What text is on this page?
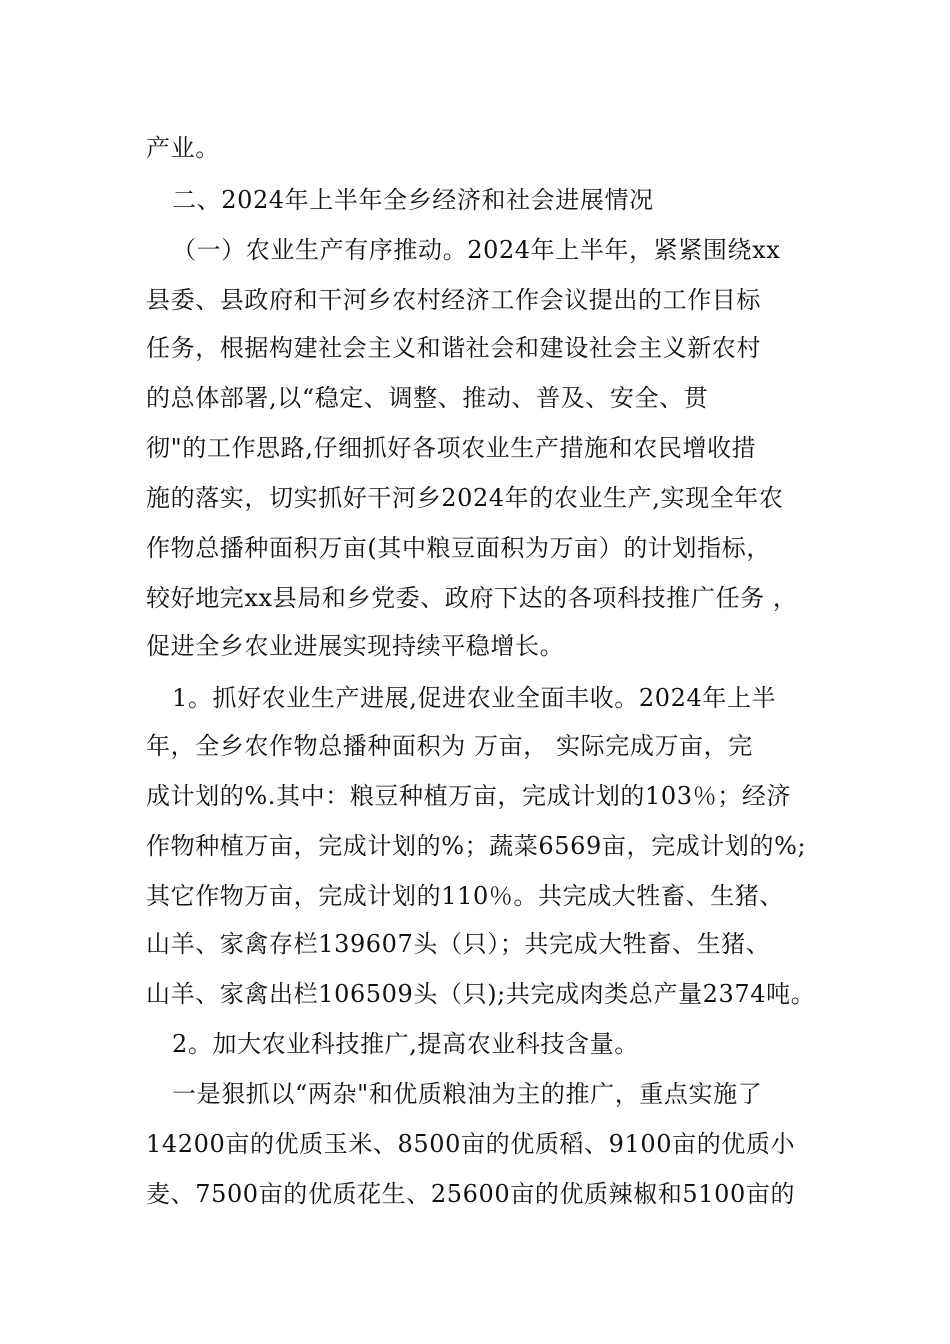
产业。
二、2024年上半年全乡经济和社会进展情况
（一）农业生产有序推动。2024年上半年，紧紧围绕xx
县委、县政府和干河乡农村经济工作会议提出的工作目标
任务，根据构建社会主义和谐社会和建设社会主义新农村
的总体部署,以“稳定、调整、推动、普及、安全、贯
彻"的工作思路,仔细抓好各项农业生产措施和农民增收措
施的落实，切实抓好干河乡2024年的农业生产,实现全年农
作物总播种面积万亩(其中粮豆面积为万亩）的计划指标，
较好地完xx县局和乡党委、政府下达的各项科技推广任务 ，
促进全乡农业进展实现持续平稳增长。
1。抓好农业生产进展,促进农业全面丰收。2024年上半
年，全乡农作物总播种面积为 万亩， 实际完成万亩，完
成计划的%.其中：粮豆种植万亩，完成计划的103％；经济
作物种植万亩，完成计划的%；蔬菜6569亩，完成计划的%;
其它作物万亩，完成计划的110％。共完成大牲畜、生猪、
山羊、家禽存栏139607头（只）；共完成大牲畜、生猪、
山羊、家禽出栏106509头（只);共完成肉类总产量2374吨。
2。加大农业科技推广,提高农业科技含量。
一是狠抓以“两杂"和优质粮油为主的推广，重点实施了
14200亩的优质玉米、8500亩的优质稻、9100亩的优质小
麦、7500亩的优质花生、25600亩的优质辣椒和5100亩的
